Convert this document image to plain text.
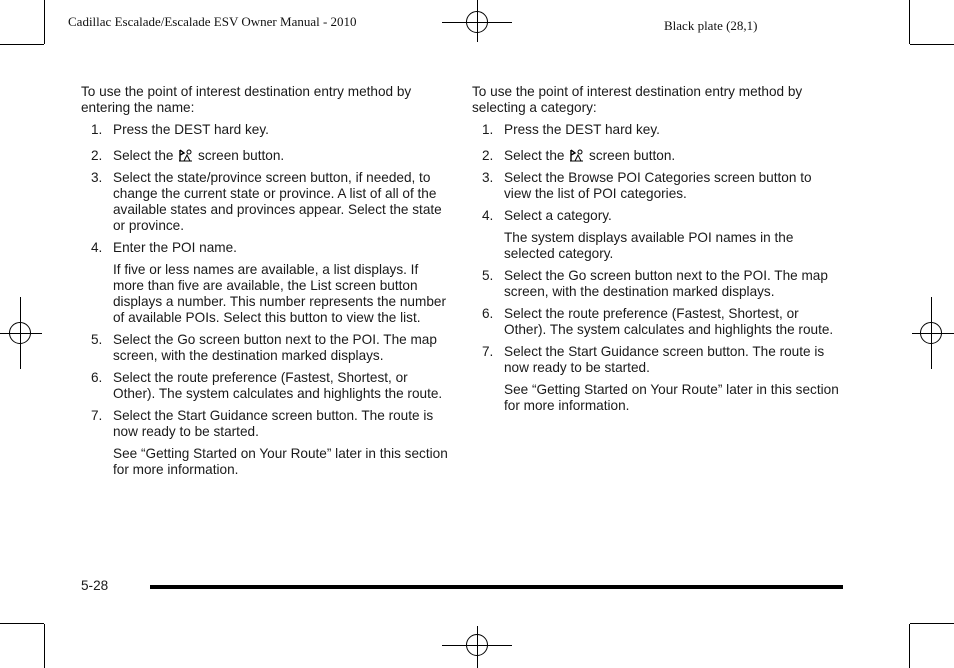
Cadillac Escalade/Escalade ESV Owner Manual - 2010	Black plate (28,1)

To use the point of interest destination entry method by entering the name:

1. Press the DEST hard key.
2. Select the screen button.
3. Select the state/province screen button, if needed, to change the current state or province. A list of all of the available states and provinces appear. Select the state or province.
4. Enter the POI name.
If five or less names are available, a list displays. If more than five are available, the List screen button displays a number. This number represents the number of available POIs. Select this button to view the list.
5. Select the Go screen button next to the POI. The map screen, with the destination marked displays.
6. Select the route preference (Fastest, Shortest, or Other). The system calculates and highlights the route.
7. Select the Start Guidance screen button. The route is now ready to be started.
See “Getting Started on Your Route” later in this section for more information.

To use the point of interest destination entry method by selecting a category:

1. Press the DEST hard key.
2. Select the screen button.
3. Select the Browse POI Categories screen button to view the list of POI categories.
4. Select a category.
The system displays available POI names in the selected category.
5. Select the Go screen button next to the POI. The map screen, with the destination marked displays.
6. Select the route preference (Fastest, Shortest, or Other). The system calculates and highlights the route.
7. Select the Start Guidance screen button. The route is now ready to be started.
See “Getting Started on Your Route” later in this section for more information.
5-28
